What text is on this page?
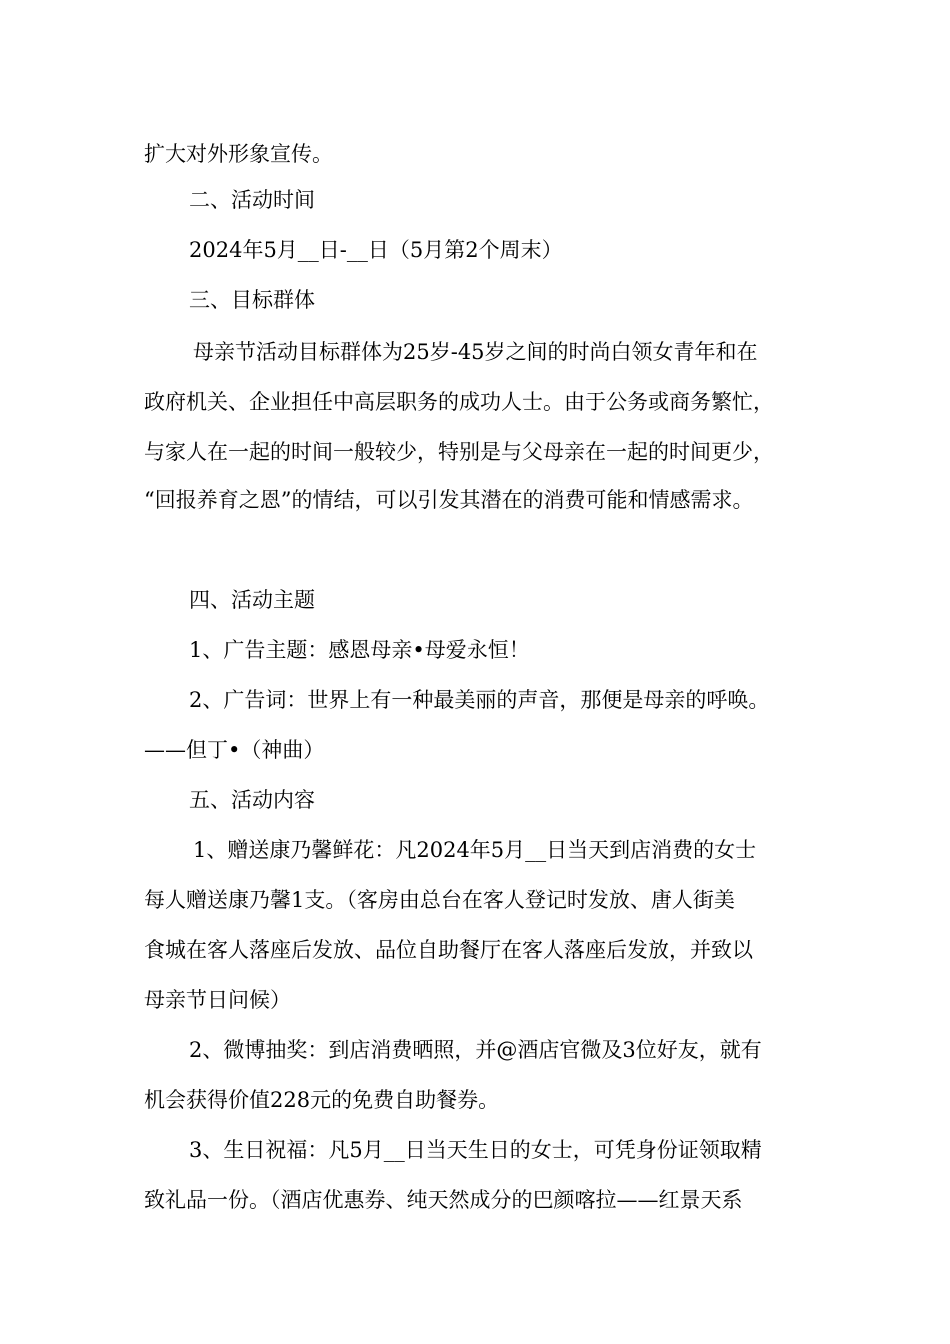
扩大对外形象宣传。
二、活动时间
2024年5月__日-__日（5月第2个周末）
三、目标群体
母亲节活动目标群体为25岁-45岁之间的时尚白领女青年和在
政府机关、企业担任中高层职务的成功人士。由于公务或商务繁忙，
与家人在一起的时间一般较少，特别是与父母亲在一起的时间更少，
“回报养育之恩”的情结，可以引发其潜在的消费可能和情感需求。
四、活动主题
1、广告主题：感恩母亲•母爱永恒！
2、广告词：世界上有一种最美丽的声音，那便是母亲的呼唤。
——但丁•（神曲）
五、活动内容
1、赠送康乃馨鲜花：凡2024年5月__日当天到店消费的女士
每人赠送康乃馨1支。（客房由总台在客人登记时发放、唐人街美
食城在客人落座后发放、品位自助餐厅在客人落座后发放，并致以
母亲节日问候）
2、微博抽奖：到店消费晒照，并@酒店官微及3位好友，就有
机会获得价值228元的免费自助餐券。
3、生日祝福：凡5月__日当天生日的女士，可凭身份证领取精
致礼品一份。（酒店优惠券、纯天然成分的巴颜喀拉——红景天系
